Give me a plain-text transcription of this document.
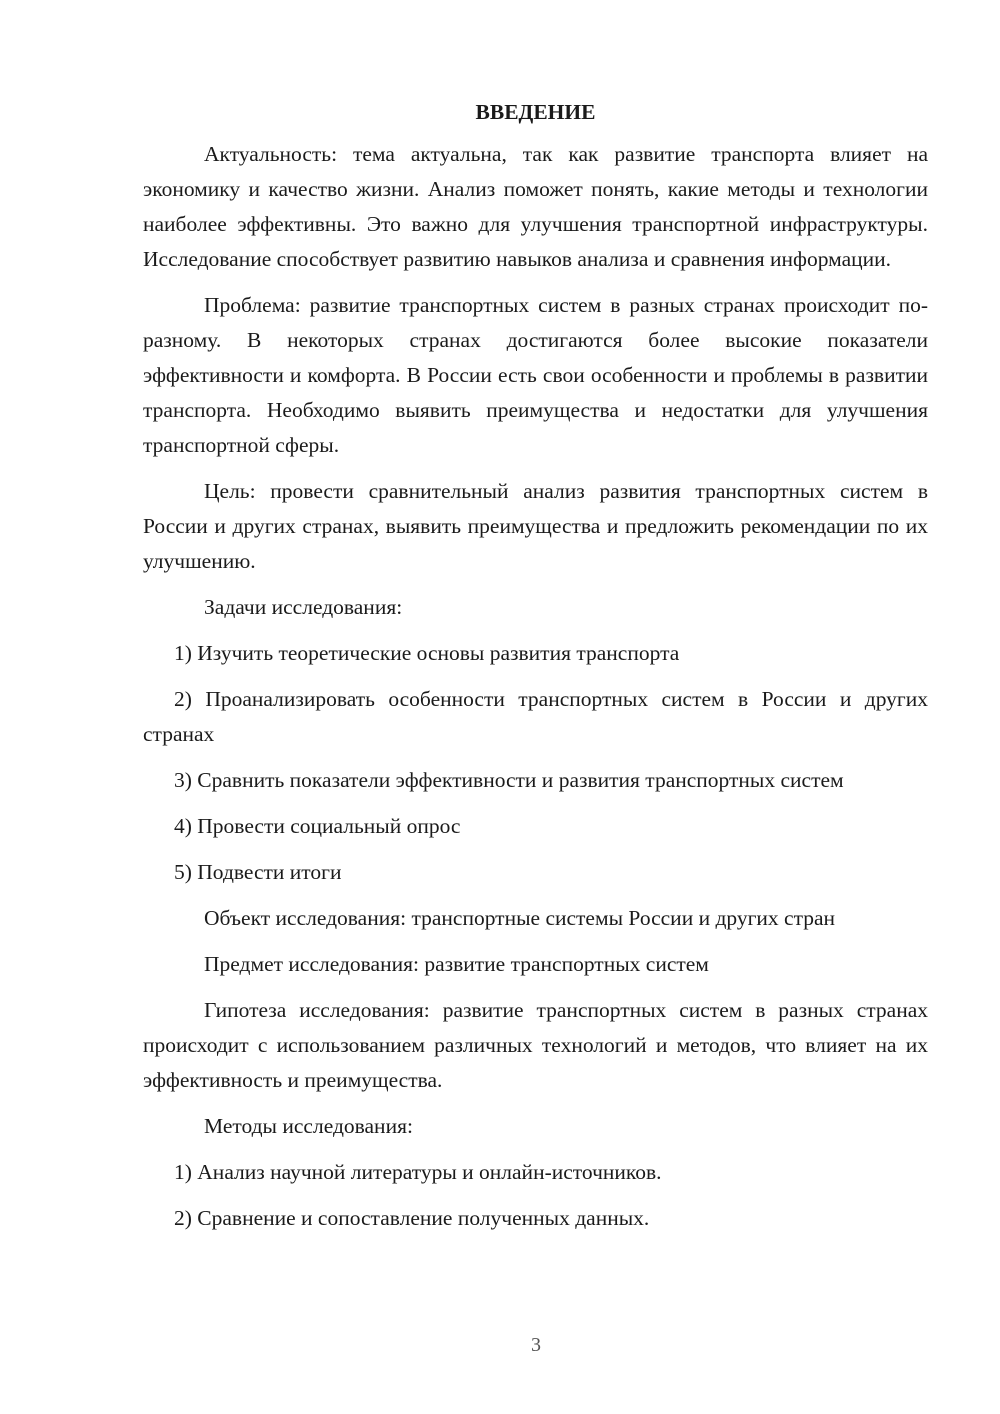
ВВЕДЕНИЕ

Актуальность: тема актуальна, так как развитие транспорта влияет на экономику и качество жизни. Анализ поможет понять, какие методы и технологии наиболее эффективны. Это важно для улучшения транспортной инфраструктуры. Исследование способствует развитию навыков анализа и сравнения информации.

Проблема: развитие транспортных систем в разных странах происходит по-разному. В некоторых странах достигаются более высокие показатели эффективности и комфорта. В России есть свои особенности и проблемы в развитии транспорта. Необходимо выявить преимущества и недостатки для улучшения транспортной сферы.

Цель: провести сравнительный анализ развития транспортных систем в России и других странах, выявить преимущества и предложить рекомендации по их улучшению.

Задачи исследования:

1) Изучить теоретические основы развития транспорта

2) Проанализировать особенности транспортных систем в России и других странах

3) Сравнить показатели эффективности и развития транспортных систем

4) Провести социальный опрос

5) Подвести итоги

Объект исследования: транспортные системы России и других стран

Предмет исследования: развитие транспортных систем

Гипотеза исследования: развитие транспортных систем в разных странах происходит с использованием различных технологий и методов, что влияет на их эффективность и преимущества.

Методы исследования:

1) Анализ научной литературы и онлайн-источников.

2) Сравнение и сопоставление полученных данных.

3
